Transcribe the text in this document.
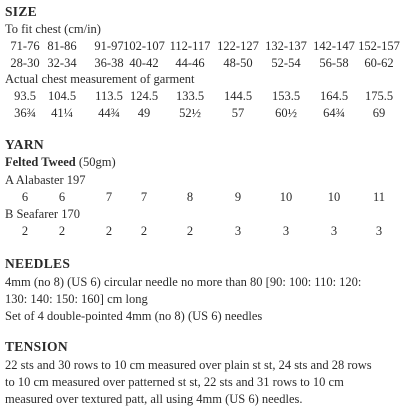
SIZE
To fit chest (cm/in)
71-76 81-86 91-97 102-107 112-117 122-127 132-137 142-147 152-157
28-30 32-34 36-38 40-42 44-46 48-50 52-54 56-58 60-62
Actual chest measurement of garment
93.5 104.5 113.5 124.5 133.5 144.5 153.5 164.5 175.5
36¾ 41¼ 44¾ 49 52½ 57 60½ 64¾ 69
YARN
Felted Tweed (50gm)
A Alabaster 197
6 6	7 7	8	9	10	10	11
B Seafarer 170
2 2	2 2	2	3	3	3	3
NEEDLES
4mm (no 8) (US 6) circular needle no more than 80 [90: 100: 110: 120:
130: 140: 150: 160] cm long
Set of 4 double-pointed 4mm (no 8) (US 6) needles
TENSION
22 sts and 30 rows to 10 cm measured over plain st st, 24 sts and 28 rows
to 10 cm measured over patterned st st, 22 sts and 31 rows to 10 cm
measured over textured patt, all using 4mm (US 6) needles.
